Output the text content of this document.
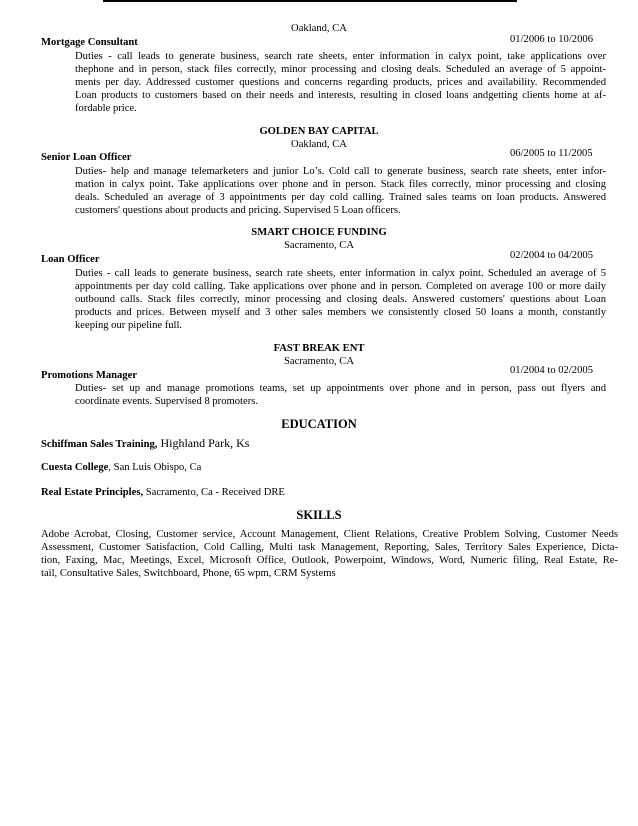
Oakland, CA
Mortgage Consultant	01/2006 to 10/2006
Duties - call leads to generate business, search rate sheets, enter information in calyx point, take applications over
thephone and in person, stack files correctly, minor processing and closing deals. Scheduled an average of 5 appoint-
ments per day. Addressed customer questions and concerns regarding products, prices and availability. Recommended
Loan products to customers based on their needs and interests, resulting in closed loans andgetting clients home at af-
fordable price.
GOLDEN BAY CAPITAL
Oakland, CA
Senior Loan Officer	06/2005 to 11/2005
Duties- help and manage telemarketers and junior Lo’s. Cold call to generate business, search rate sheets, enter infor-
mation in calyx point. Take applications over phone and in person. Stack files correctly, minor processing and closing
deals. Scheduled an average of 3 appointments per day cold calling. Trained sales teams on loan products. Answered
customers' questions about products and pricing. Supervised 5 Loan officers.
SMART CHOICE FUNDING
Sacramento, CA
Loan Officer	02/2004 to 04/2005
Duties - call leads to generate business, search rate sheets, enter information in calyx point. Scheduled an average of 5
appointments per day cold calling. Take applications over phone and in person. Completed on average 100 or more daily
outbound calls. Stack files correctly, minor processing and closing deals. Answered customers' questions about Loan
products and prices. Between myself and 3 other sales members we consistently closed 50 loans a month, constantly
keeping our pipeline full.
FAST BREAK ENT
Sacramento, CA
Promotions Manager	01/2004 to 02/2005
Duties- set up and manage promotions teams, set up appointments over phone and in person, pass out flyers and
coordinate events. Supervised 8 promoters.
EDUCATION
Schiffman Sales Training, Highland Park, Ks
Cuesta College, San Luis Obispo, Ca
Real Estate Principles, Sacramento, Ca - Received DRE
SKILLS
Adobe Acrobat, Closing, Customer service, Account Management, Client Relations, Creative Problem Solving, Customer Needs
Assessment, Customer Satisfaction, Cold Calling, Multi task Management, Reporting, Sales, Territory Sales Experience, Dicta-
tion, Faxing, Mac, Meetings, Excel, Microsoft Office, Outlook, Powerpoint, Windows, Word, Numeric filing, Real Estate, Re-
tail, Consultative Sales, Switchboard, Phone, 65 wpm, CRM Systems
